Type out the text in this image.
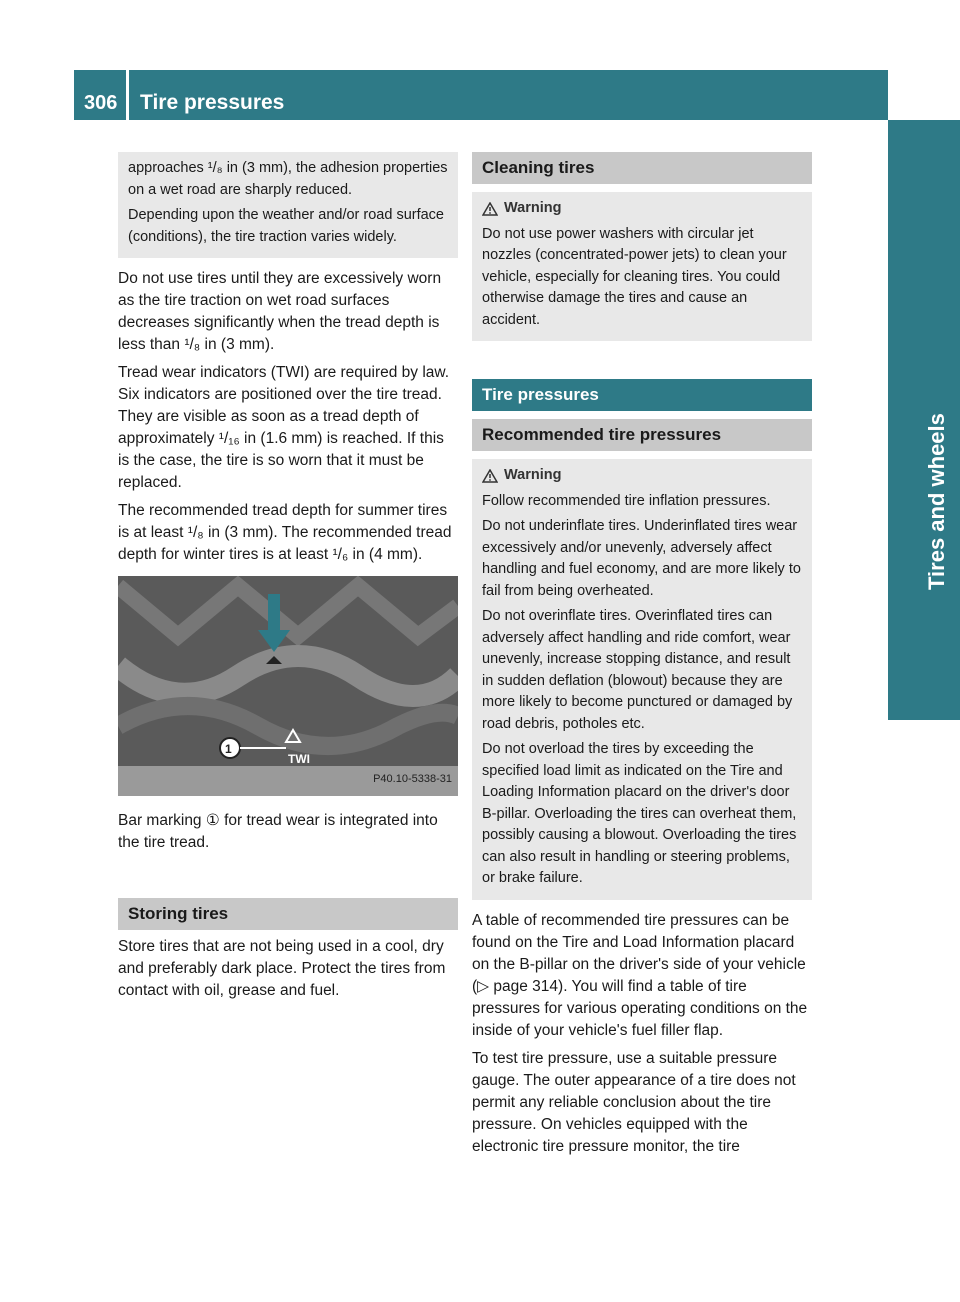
306 Tire pressures
Tires and wheels

approaches ¹/₈ in (3 mm), the adhesion properties on a wet road are sharply reduced.

Depending upon the weather and/or road surface (conditions), the tire traction varies widely.

Do not use tires until they are excessively worn as the tire traction on wet road surfaces decreases significantly when the tread depth is less than ¹/₈ in (3 mm).

Tread wear indicators (TWI) are required by law. Six indicators are positioned over the tire tread. They are visible as soon as a tread depth of approximately ¹/₁₆ in (1.6 mm) is reached. If this is the case, the tire is so worn that it must be replaced.

The recommended tread depth for summer tires is at least ¹/₈ in (3 mm). The recommended tread depth for winter tires is at least ¹/₆ in (4 mm).

1
TWI
P40.10-5338-31

Bar marking ① for tread wear is integrated into the tire tread.

Storing tires

Store tires that are not being used in a cool, dry and preferably dark place. Protect the tires from contact with oil, grease and fuel.

Cleaning tires
Warning

Do not use power washers with circular jet nozzles (concentrated-power jets) to clean your vehicle, especially for cleaning tires. You could otherwise damage the tires and cause an accident.

Tire pressures
Recommended tire pressures
Warning

Follow recommended tire inflation pressures.

Do not underinflate tires. Underinflated tires wear excessively and/or unevenly, adversely affect handling and fuel economy, and are more likely to fail from being overheated.

Do not overinflate tires. Overinflated tires can adversely affect handling and ride comfort, wear unevenly, increase stopping distance, and result in sudden deflation (blowout) because they are more likely to become punctured or damaged by road debris, potholes etc.

Do not overload the tires by exceeding the specified load limit as indicated on the Tire and Loading Information placard on the driver's door B-pillar. Overloading the tires can overheat them, possibly causing a blowout. Overloading the tires can also result in handling or steering problems, or brake failure.

A table of recommended tire pressures can be found on the Tire and Load Information placard on the B-pillar on the driver's side of your vehicle (▷ page 314). You will find a table of tire pressures for various operating conditions on the inside of your vehicle's fuel filler flap.

To test tire pressure, use a suitable pressure gauge. The outer appearance of a tire does not permit any reliable conclusion about the tire pressure. On vehicles equipped with the electronic tire pressure monitor, the tire
